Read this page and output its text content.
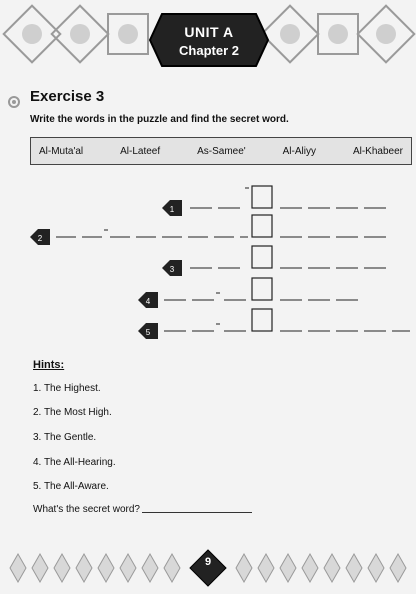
UNIT A
Chapter 2
Exercise 3
Write the words in the puzzle and find the secret word.
Al-Muta'al	Al-Lateef	As-Samee'	Al-Aliyy	Al-Khabeer
1
2
3
4
5
Hints:
1. The Highest.
2. The Most High.
3. The Gentle.
4. The All-Hearing.
5. The All-Aware.
What's the secret word?
9
